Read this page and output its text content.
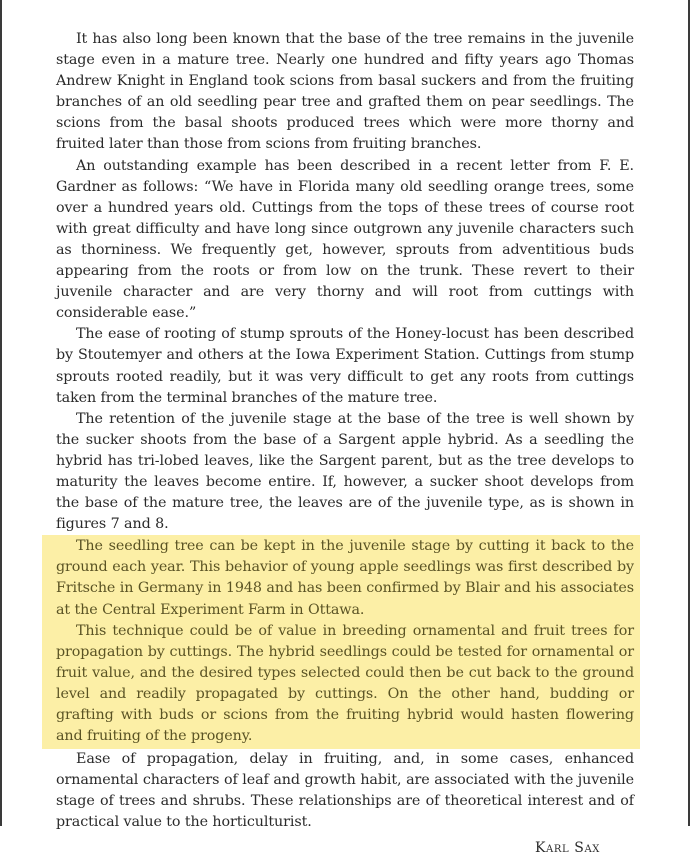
It has also long been known that the base of the tree remains in the juvenile stage even in a mature tree. Nearly one hundred and fifty years ago Thomas Andrew Knight in England took scions from basal suckers and from the fruiting branches of an old seedling pear tree and grafted them on pear seedlings. The scions from the basal shoots produced trees which were more thorny and fruited later than those from scions from fruiting branches.

An outstanding example has been described in a recent letter from F. E. Gardner as follows: “We have in Florida many old seedling orange trees, some over a hundred years old. Cuttings from the tops of these trees of course root with great difficulty and have long since outgrown any juvenile characters such as thorniness. We frequently get, however, sprouts from adventitious buds appearing from the roots or from low on the trunk. These revert to their juvenile character and are very thorny and will root from cuttings with considerable ease.”

The ease of rooting of stump sprouts of the Honey-locust has been described by Stoutemyer and others at the Iowa Experiment Station. Cuttings from stump sprouts rooted readily, but it was very difficult to get any roots from cuttings taken from the terminal branches of the mature tree.

The retention of the juvenile stage at the base of the tree is well shown by the sucker shoots from the base of a Sargent apple hybrid. As a seedling the hybrid has tri-lobed leaves, like the Sargent parent, but as the tree develops to maturity the leaves become entire. If, however, a sucker shoot develops from the base of the mature tree, the leaves are of the juvenile type, as is shown in figures 7 and 8.

The seedling tree can be kept in the juvenile stage by cutting it back to the ground each year. This behavior of young apple seedlings was first described by Fritsche in Germany in 1948 and has been confirmed by Blair and his associates at the Central Experiment Farm in Ottawa.

This technique could be of value in breeding ornamental and fruit trees for propagation by cuttings. The hybrid seedlings could be tested for ornamental or fruit value, and the desired types selected could then be cut back to the ground level and readily propagated by cuttings. On the other hand, budding or grafting with buds or scions from the fruiting hybrid would hasten flowering and fruiting of the progeny.

Ease of propagation, delay in fruiting, and, in some cases, enhanced ornamental characters of leaf and growth habit, are associated with the juvenile stage of trees and shrubs. These relationships are of theoretical interest and of practical value to the horticulturist.

Karl Sax
